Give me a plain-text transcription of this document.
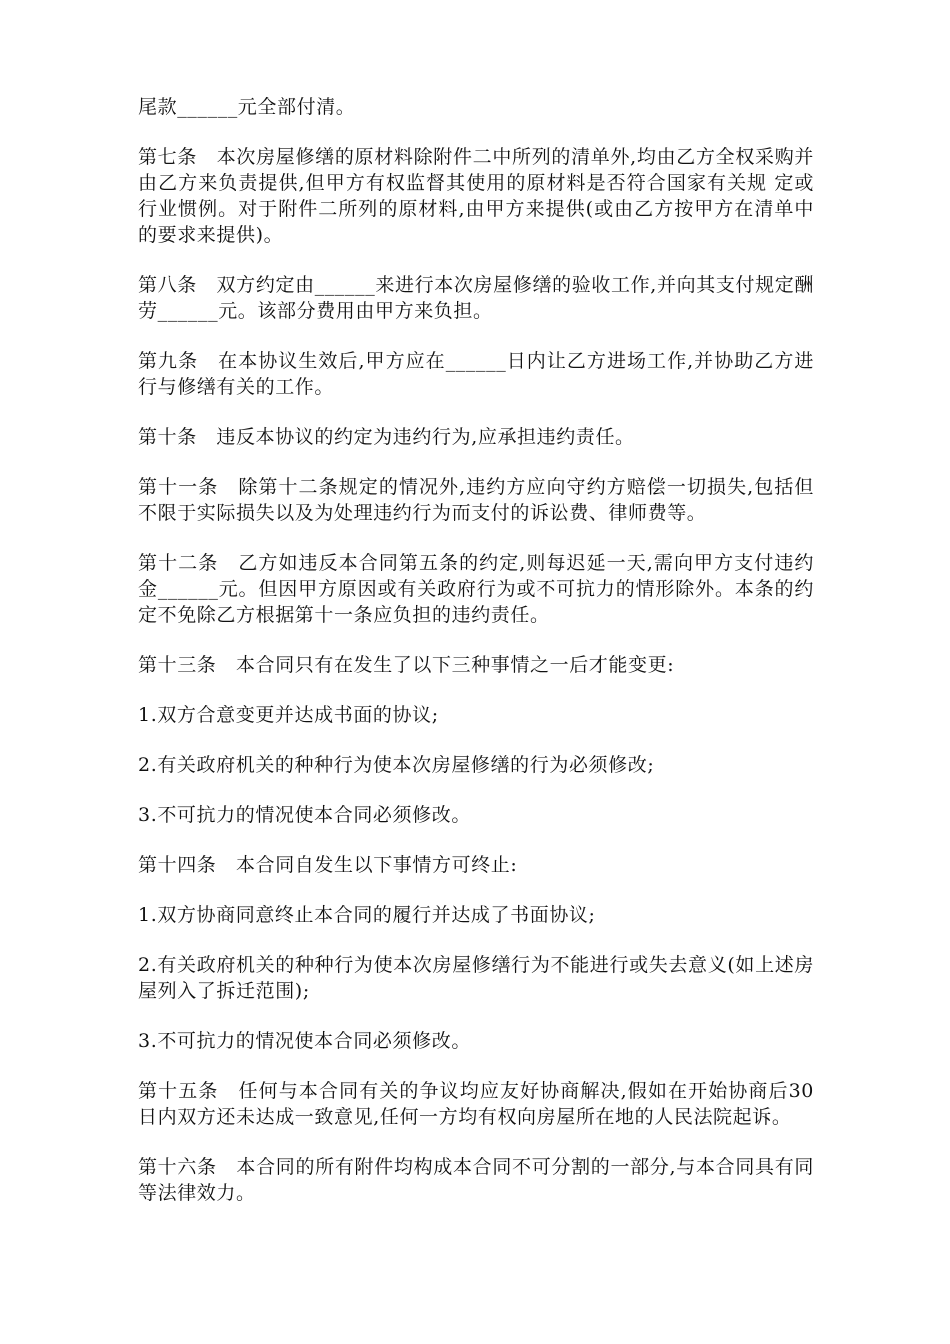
尾款______元全部付清。

第七条　本次房屋修缮的原材料除附件二中所列的清单外,均由乙方全权采购并由乙方来负责提供,但甲方有权监督其使用的原材料是否符合国家有关规 定或行业惯例。对于附件二所列的原材料,由甲方来提供(或由乙方按甲方在清单中的要求来提供)。

第八条　双方约定由______来进行本次房屋修缮的验收工作,并向其支付规定酬劳______元。该部分费用由甲方来负担。

第九条　在本协议生效后,甲方应在______日内让乙方进场工作,并协助乙方进行与修缮有关的工作。

第十条　违反本协议的约定为违约行为,应承担违约责任。

第十一条　除第十二条规定的情况外,违约方应向守约方赔偿一切损失,包括但不限于实际损失以及为处理违约行为而支付的诉讼费、律师费等。

第十二条　乙方如违反本合同第五条的约定,则每迟延一天,需向甲方支付违约金______元。但因甲方原因或有关政府行为或不可抗力的情形除外。本条的约定不免除乙方根据第十一条应负担的违约责任。

第十三条　本合同只有在发生了以下三种事情之一后才能变更:

1.双方合意变更并达成书面的协议;

2.有关政府机关的种种行为使本次房屋修缮的行为必须修改;

3.不可抗力的情况使本合同必须修改。

第十四条　本合同自发生以下事情方可终止:

1.双方协商同意终止本合同的履行并达成了书面协议;

2.有关政府机关的种种行为使本次房屋修缮行为不能进行或失去意义(如上述房屋列入了拆迁范围);

3.不可抗力的情况使本合同必须修改。

第十五条　任何与本合同有关的争议均应友好协商解决,假如在开始协商后30日内双方还未达成一致意见,任何一方均有权向房屋所在地的人民法院起诉。

第十六条　本合同的所有附件均构成本合同不可分割的一部分,与本合同具有同等法律效力。
